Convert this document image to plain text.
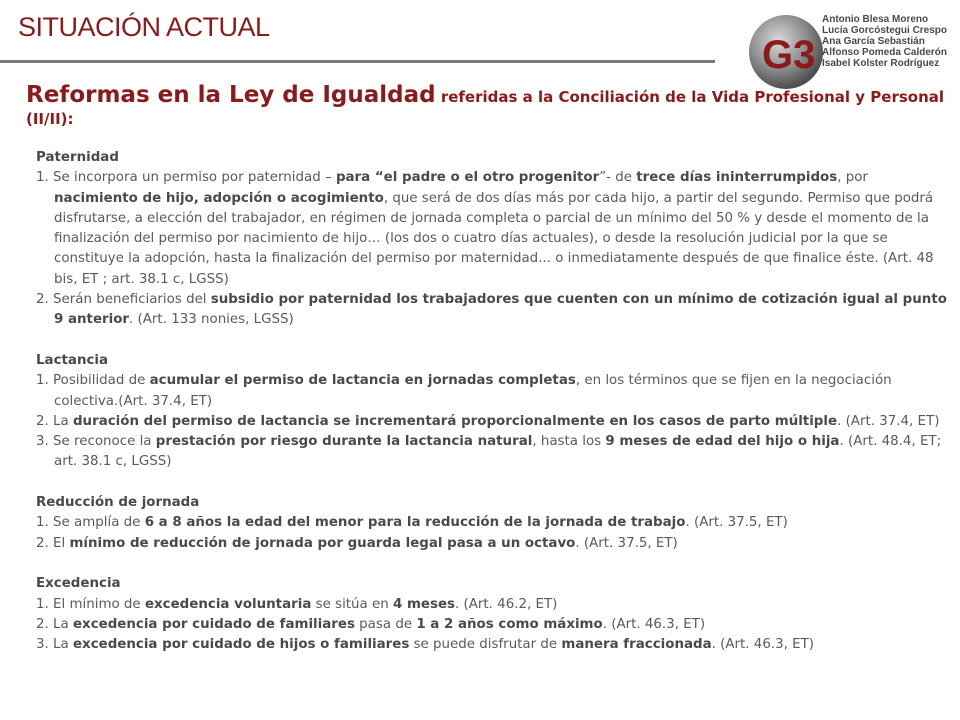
SITUACIÓN ACTUAL
G3
Antonio Blesa Moreno
Lucía Gorcóstegui Crespo
Ana García Sebastián
Alfonso Pomeda Calderón
Isabel Kolster Rodríguez
Reformas en la Ley de Igualdad referidas a la Conciliación de la Vida Profesional y Personal (II/II):
Paternidad
1. Se incorpora un permiso por paternidad – para “el padre o el otro progenitor”- de trece días ininterrumpidos, por nacimiento de hijo, adopción o acogimiento, que será de dos días más por cada hijo, a partir del segundo. Permiso que podrá disfrutarse, a elección del trabajador, en régimen de jornada completa o parcial de un mínimo del 50 % y desde el momento de la finalización del permiso por nacimiento de hijo… (los dos o cuatro días actuales), o desde la resolución judicial por la que se constituye la adopción, hasta la finalización del permiso por maternidad... o inmediatamente después de que finalice éste. (Art. 48 bis, ET ; art. 38.1 c, LGSS)
2. Serán beneficiarios del subsidio por paternidad los trabajadores que cuenten con un mínimo de cotización igual al punto 9 anterior. (Art. 133 nonies, LGSS)
Lactancia
1. Posibilidad de acumular el permiso de lactancia en jornadas completas, en los términos que se fijen en la negociación colectiva.(Art. 37.4, ET)
2. La duración del permiso de lactancia se incrementará proporcionalmente en los casos de parto múltiple. (Art. 37.4, ET)
3. Se reconoce la prestación por riesgo durante la lactancia natural, hasta los 9 meses de edad del hijo o hija. (Art. 48.4, ET; art. 38.1 c, LGSS)
Reducción de jornada
1. Se amplía de 6 a 8 años la edad del menor para la reducción de la jornada de trabajo. (Art. 37.5, ET)
2. El mínimo de reducción de jornada por guarda legal pasa a un octavo. (Art. 37.5, ET)
Excedencia
1. El mínimo de excedencia voluntaria se sitúa en 4 meses. (Art. 46.2, ET)
2. La excedencia por cuidado de familiares pasa de 1 a 2 años como máximo. (Art. 46.3, ET)
3. La excedencia por cuidado de hijos o familiares se puede disfrutar de manera fraccionada. (Art. 46.3, ET)
